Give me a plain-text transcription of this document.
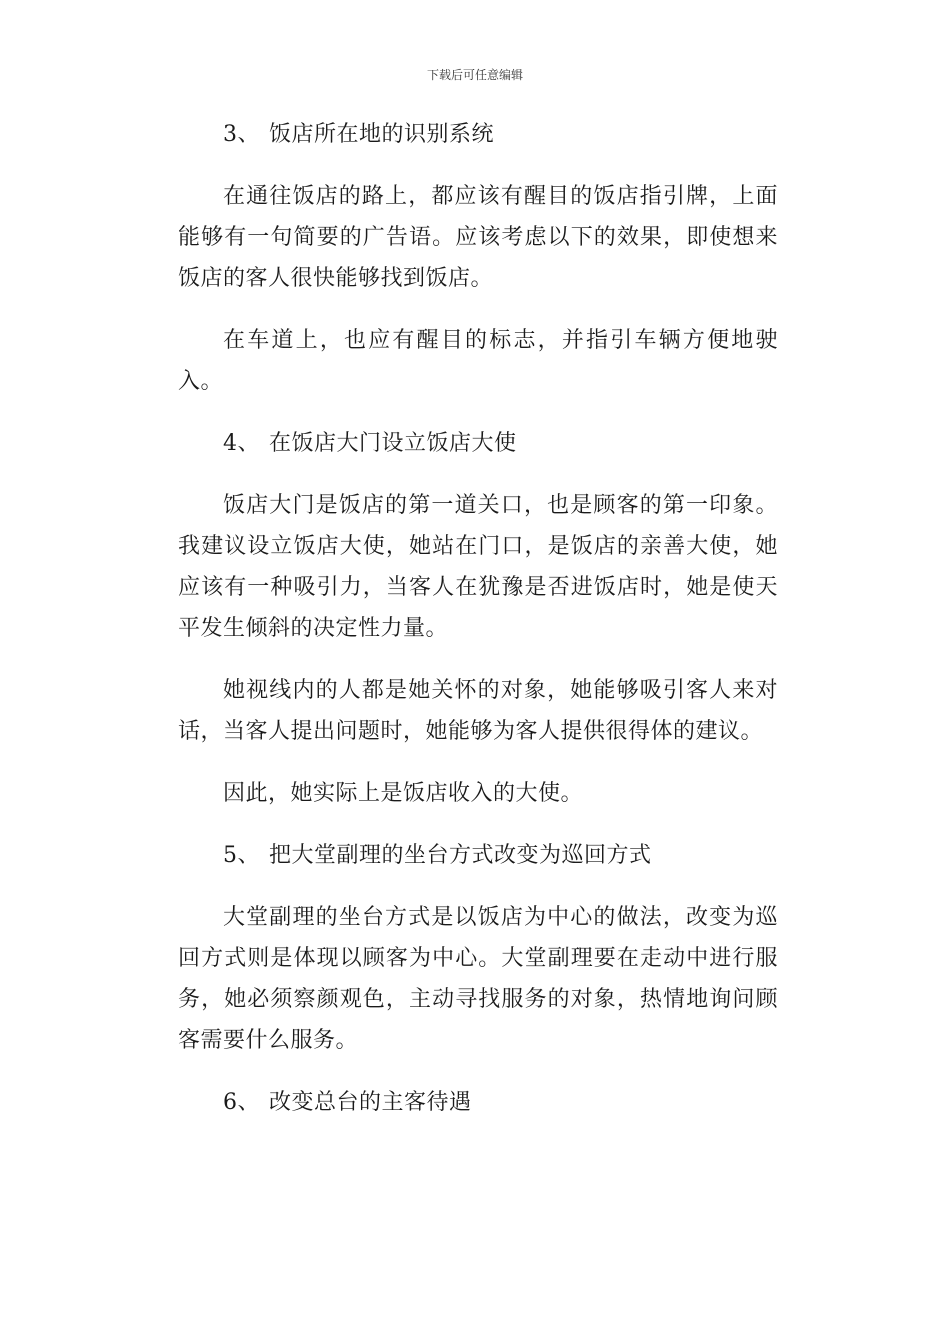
下载后可任意编辑
3、 饭店所在地的识别系统
在通往饭店的路上，都应该有醒目的饭店指引牌，上面能够有一句简要的广告语。应该考虑以下的效果，即使想来饭店的客人很快能够找到饭店。
在车道上，也应有醒目的标志，并指引车辆方便地驶入。
4、 在饭店大门设立饭店大使
饭店大门是饭店的第一道关口，也是顾客的第一印象。我建议设立饭店大使，她站在门口，是饭店的亲善大使，她应该有一种吸引力，当客人在犹豫是否进饭店时，她是使天平发生倾斜的决定性力量。
她视线内的人都是她关怀的对象，她能够吸引客人来对话，当客人提出问题时，她能够为客人提供很得体的建议。
因此，她实际上是饭店收入的大使。
5、 把大堂副理的坐台方式改变为巡回方式
大堂副理的坐台方式是以饭店为中心的做法，改变为巡回方式则是体现以顾客为中心。大堂副理要在走动中进行服务，她必须察颜观色，主动寻找服务的对象，热情地询问顾客需要什么服务。
6、 改变总台的主客待遇
